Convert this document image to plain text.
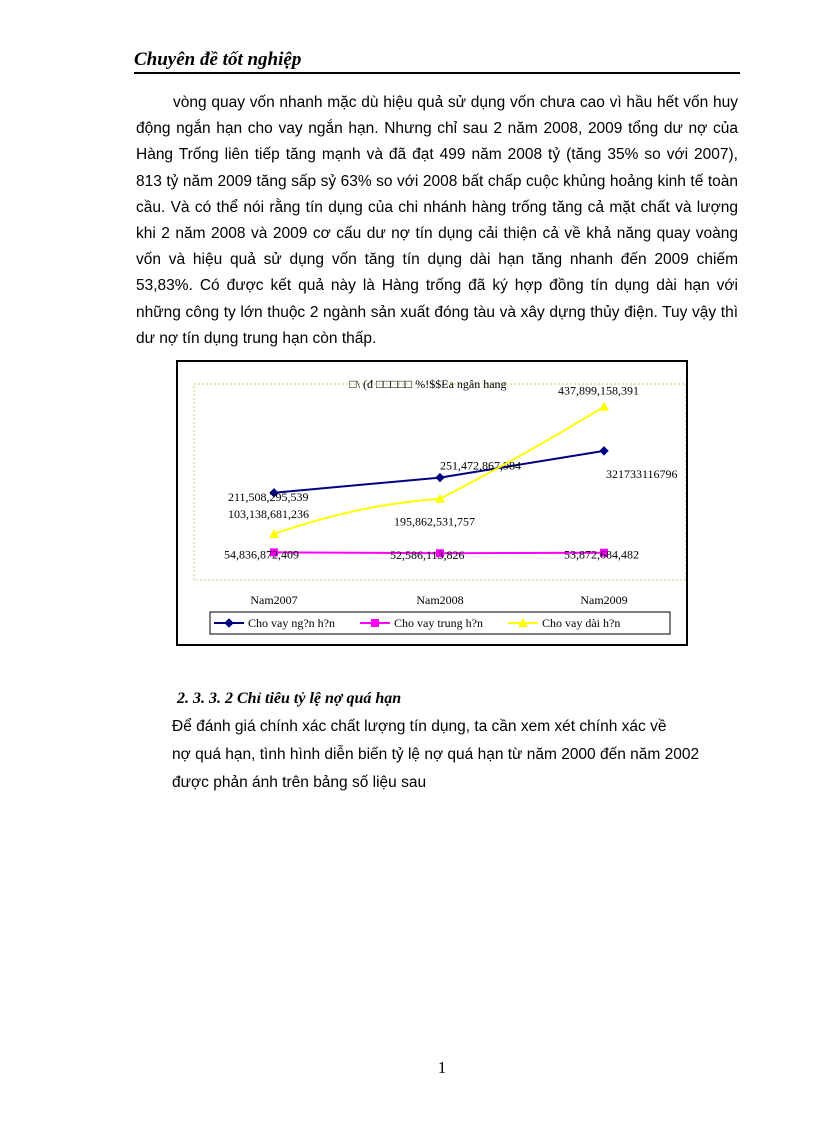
Chuyên đề tốt nghiệp
vòng quay vốn nhanh mặc dù hiệu quả sử dụng vốn chưa cao vì hầu hết vốn huy động ngắn hạn cho vay ngắn hạn. Nhưng chỉ sau 2 năm 2008, 2009 tổng dư nợ của Hàng Trống liên tiếp tăng mạnh và đã đạt 499 năm 2008 tỷ (tăng 35% so với 2007), 813 tỷ năm 2009 tăng sấp sỷ 63% so với 2008 bất chấp cuộc khủng hoảng kinh tế toàn cầu. Và có thể nói rằng tín dụng của chi nhánh hàng trống tăng cả mặt chất và lượng khi 2 năm 2008 và 2009 cơ cấu dư nợ tín dụng cải thiện cả về khả năng quay voàng vốn và hiệu quả sử dụng vốn tăng tín dụng dài hạn tăng nhanh đến 2009 chiếm 53,83%. Có được kết quả này là Hàng trống đã ký hợp đồng tín dụng dài hạn với những công ty lớn thuộc 2 ngành sản xuất đóng tàu và xây dựng thủy điện. Tuy vậy thì dư nợ tín dụng trung hạn còn thấp.
□\ (đ □□□□□ %!$$Ea ngân hang
211,508,295,539
251,472,867,984
321733116796
54,836,872,409	52,586,113,826	53,872,684,482
103,138,681,236
195,862,531,757
437,899,158,391
Nam2007	Nam2008	Nam2009
Cho vay ng?n h?n	Cho vay trung h?n	Cho vay dài h?n
2. 3. 3. 2 Chỉ tiêu tỷ lệ nợ quá hạn
Để đánh giá chính xác chất lượng tín dụng, ta cần xem xét chính xác về
nợ quá hạn, tình hình diễn biến tỷ lệ nợ quá hạn từ năm 2000 đến năm 2002
được phản ánh trên bảng số liệu sau
1
